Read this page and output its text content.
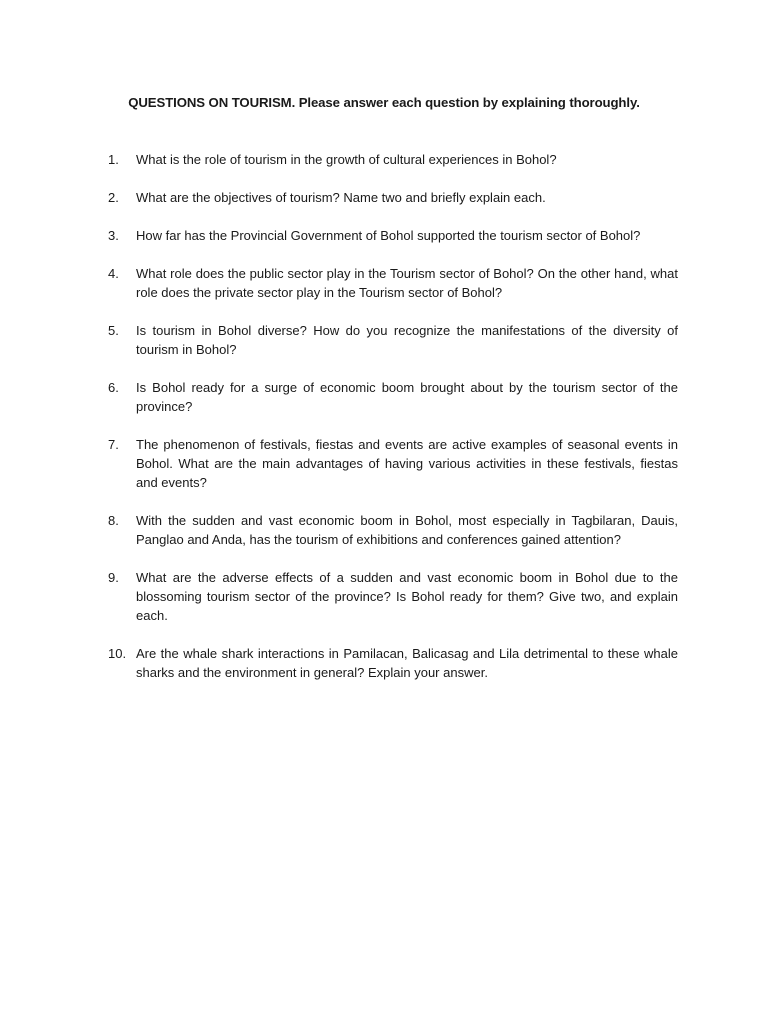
QUESTIONS ON TOURISM. Please answer each question by explaining thoroughly.
1.	What is the role of tourism in the growth of cultural experiences in Bohol?
2.	What are the objectives of tourism? Name two and briefly explain each.
3.	How far has the Provincial Government of Bohol supported the tourism sector of Bohol?
4.	What role does the public sector play in the Tourism sector of Bohol? On the other hand, what role does the private sector play in the Tourism sector of Bohol?
5.	Is tourism in Bohol diverse? How do you recognize the manifestations of the diversity of tourism in Bohol?
6.	Is Bohol ready for a surge of economic boom brought about by the tourism sector of the province?
7.	The phenomenon of festivals, fiestas and events are active examples of seasonal events in Bohol. What are the main advantages of having various activities in these festivals, fiestas and events?
8.	With the sudden and vast economic boom in Bohol, most especially in Tagbilaran, Dauis, Panglao and Anda, has the tourism of exhibitions and conferences gained attention?
9.	What are the adverse effects of a sudden and vast economic boom in Bohol due to the blossoming tourism sector of the province? Is Bohol ready for them? Give two, and explain each.
10. Are the whale shark interactions in Pamilacan, Balicasag and Lila detrimental to these whale sharks and the environment in general? Explain your answer.
